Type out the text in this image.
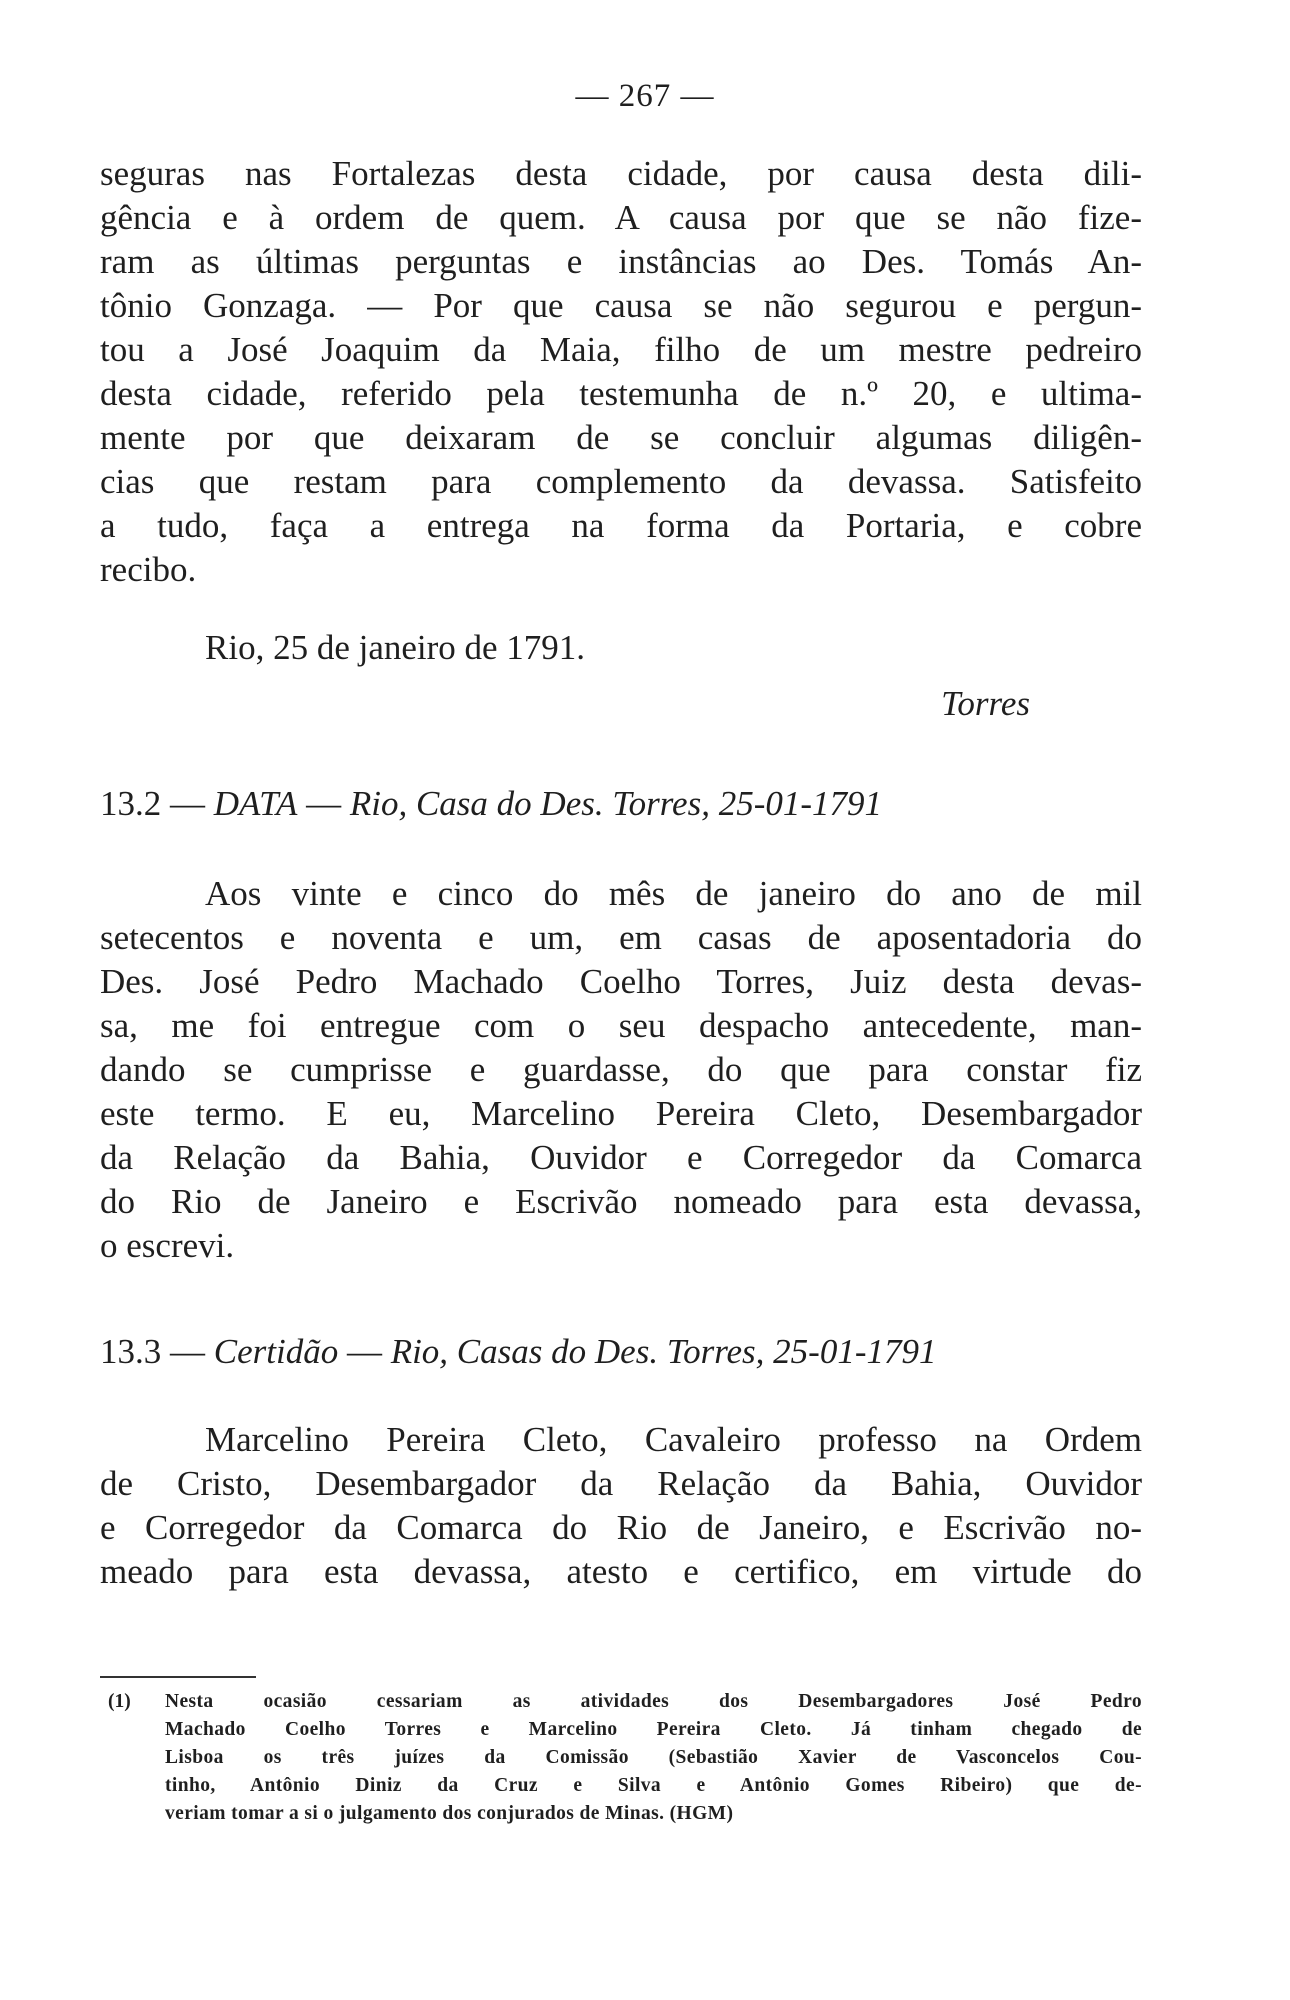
— 267 —
seguras nas Fortalezas desta cidade, por causa desta dili-
gência e à ordem de quem. A causa por que se não fize-
ram as últimas perguntas e instâncias ao Des. Tomás An-
tônio Gonzaga. — Por que causa se não segurou e pergun-
tou a José Joaquim da Maia, filho de um mestre pedreiro
desta cidade, referido pela testemunha de n.º 20, e ultima-
mente por que deixaram de se concluir algumas diligên-
cias que restam para complemento da devassa. Satisfeito
a tudo, faça a entrega na forma da Portaria, e cobre
recibo.
Rio, 25 de janeiro de 1791.
Torres
13.2 — DATA — Rio, Casa do Des. Torres, 25-01-1791
Aos vinte e cinco do mês de janeiro do ano de mil
setecentos e noventa e um, em casas de aposentadoria do
Des. José Pedro Machado Coelho Torres, Juiz desta devas-
sa, me foi entregue com o seu despacho antecedente, man-
dando se cumprisse e guardasse, do que para constar fiz
este termo. E eu, Marcelino Pereira Cleto, Desembargador
da Relação da Bahia, Ouvidor e Corregedor da Comarca
do Rio de Janeiro e Escrivão nomeado para esta devassa,
o escrevi.
13.3 — Certidão — Rio, Casas do Des. Torres, 25-01-1791
Marcelino Pereira Cleto, Cavaleiro professo na Ordem
de Cristo, Desembargador da Relação da Bahia, Ouvidor
e Corregedor da Comarca do Rio de Janeiro, e Escrivão no-
meado para esta devassa, atesto e certifico, em virtude do
(1) Nesta ocasião cessariam as atividades dos Desembargadores José Pedro
Machado Coelho Torres e Marcelino Pereira Cleto. Já tinham chegado de
Lisboa os três juízes da Comissão (Sebastião Xavier de Vasconcelos Cou-
tinho, Antônio Diniz da Cruz e Silva e Antônio Gomes Ribeiro) que de-
veriam tomar a si o julgamento dos conjurados de Minas. (HGM)
